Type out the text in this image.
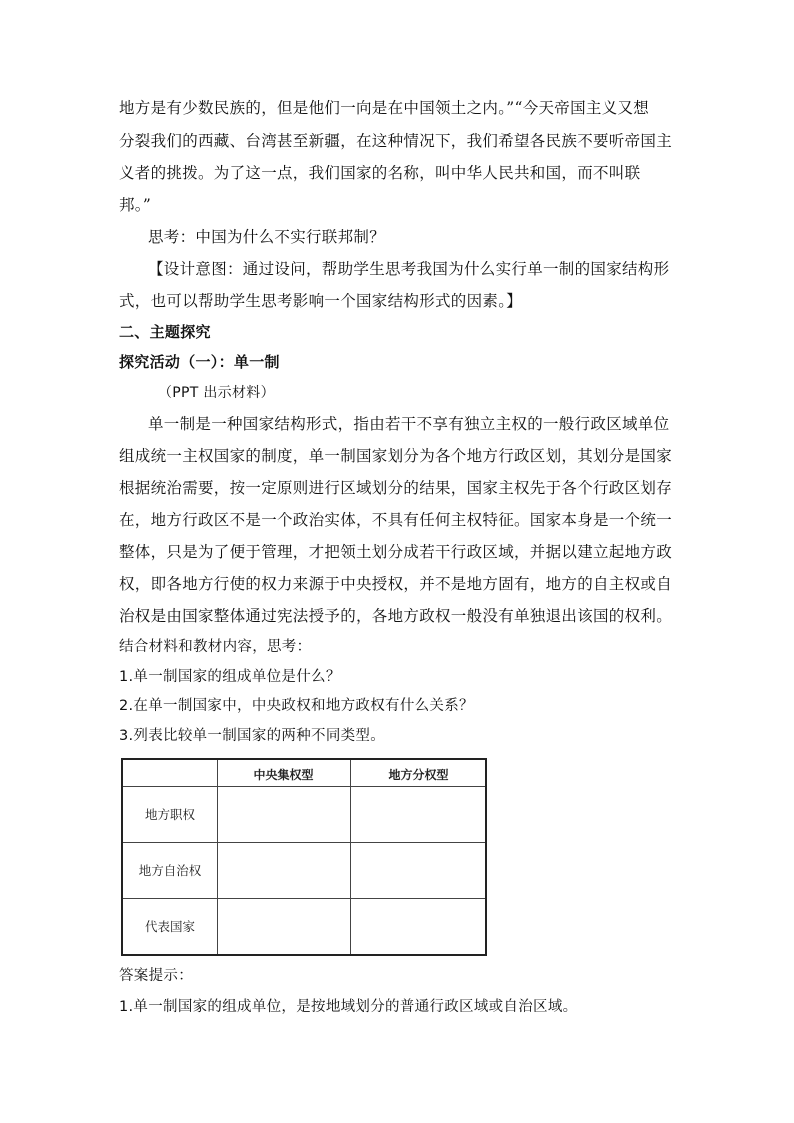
地方是有少数民族的，但是他们一向是在中国领土之内。”“今天帝国主义又想
分裂我们的西藏、台湾甚至新疆，在这种情况下，我们希望各民族不要听帝国主
义者的挑拨。为了这一点，我们国家的名称，叫中华人民共和国，而不叫联
邦。”
思考：中国为什么不实行联邦制？
【设计意图：通过设问，帮助学生思考我国为什么实行单一制的国家结构形
式，也可以帮助学生思考影响一个国家结构形式的因素。】
二、主题探究
探究活动（一）：单一制
（PPT 出示材料）
单一制是一种国家结构形式，指由若干不享有独立主权的一般行政区域单位
组成统一主权国家的制度，单一制国家划分为各个地方行政区划，其划分是国家
根据统治需要，按一定原则进行区域划分的结果，国家主权先于各个行政区划存
在，地方行政区不是一个政治实体，不具有任何主权特征。国家本身是一个统一
整体，只是为了便于管理，才把领土划分成若干行政区域，并据以建立起地方政
权，即各地方行使的权力来源于中央授权，并不是地方固有，地方的自主权或自
治权是由国家整体通过宪法授予的，各地方政权一般没有单独退出该国的权利。
结合材料和教材内容，思考：
1.单一制国家的组成单位是什么？
2.在单一制国家中，中央政权和地方政权有什么关系？
3.列表比较单一制国家的两种不同类型。
中央集权型	地方分权型
地方职权
地方自治权
代表国家
答案提示：
1.单一制国家的组成单位，是按地域划分的普通行政区域或自治区域。
